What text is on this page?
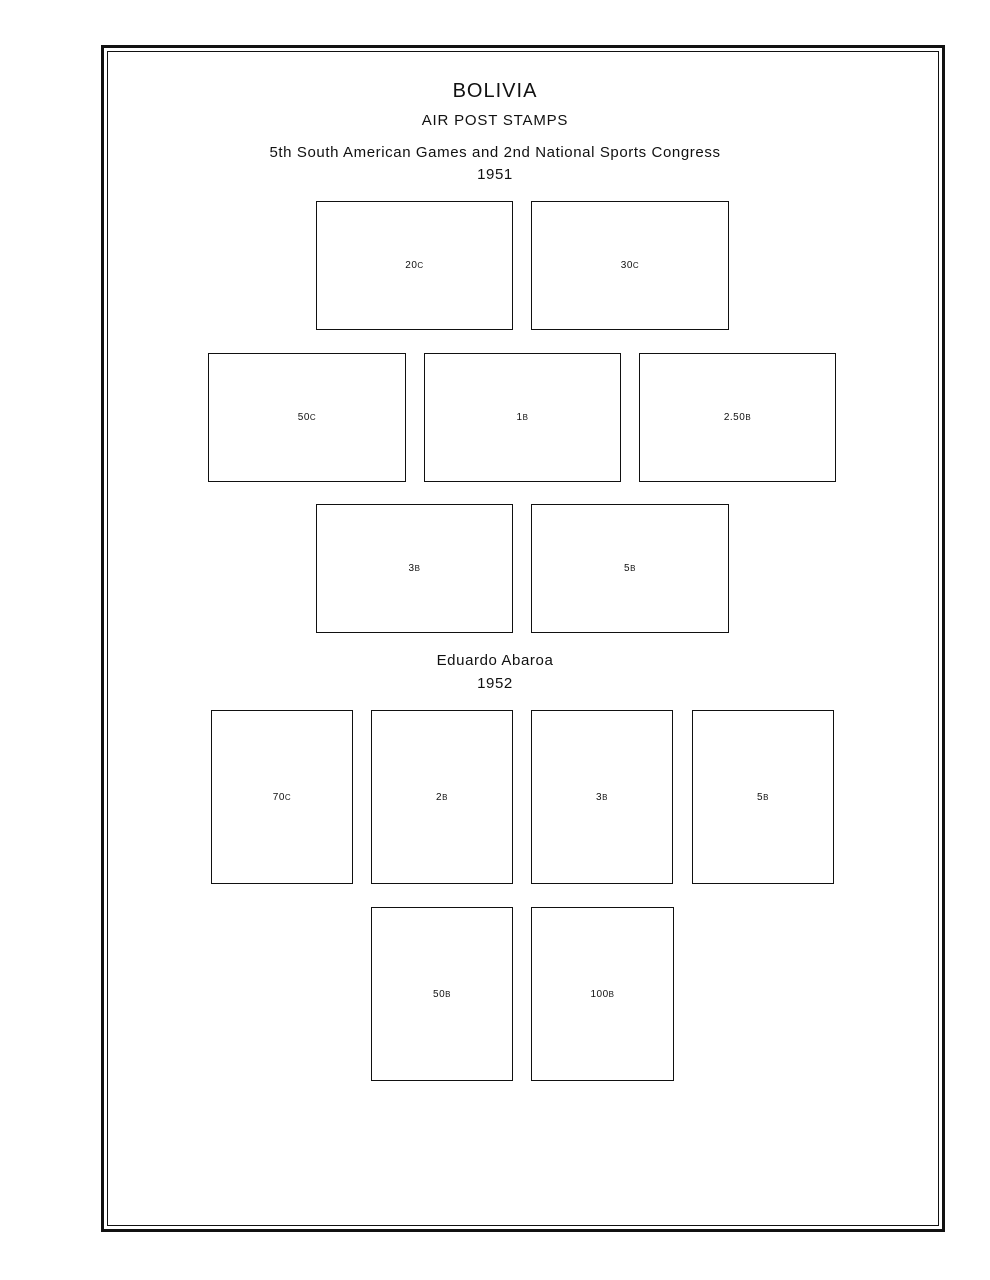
BOLIVIA
AIR POST STAMPS
5th South American Games and 2nd National Sports Congress
1951
20C	30C
50C	1B	2.50B
3B	5B
Eduardo Abaroa
1952
70C	2B	3B	5B
50B	100B
